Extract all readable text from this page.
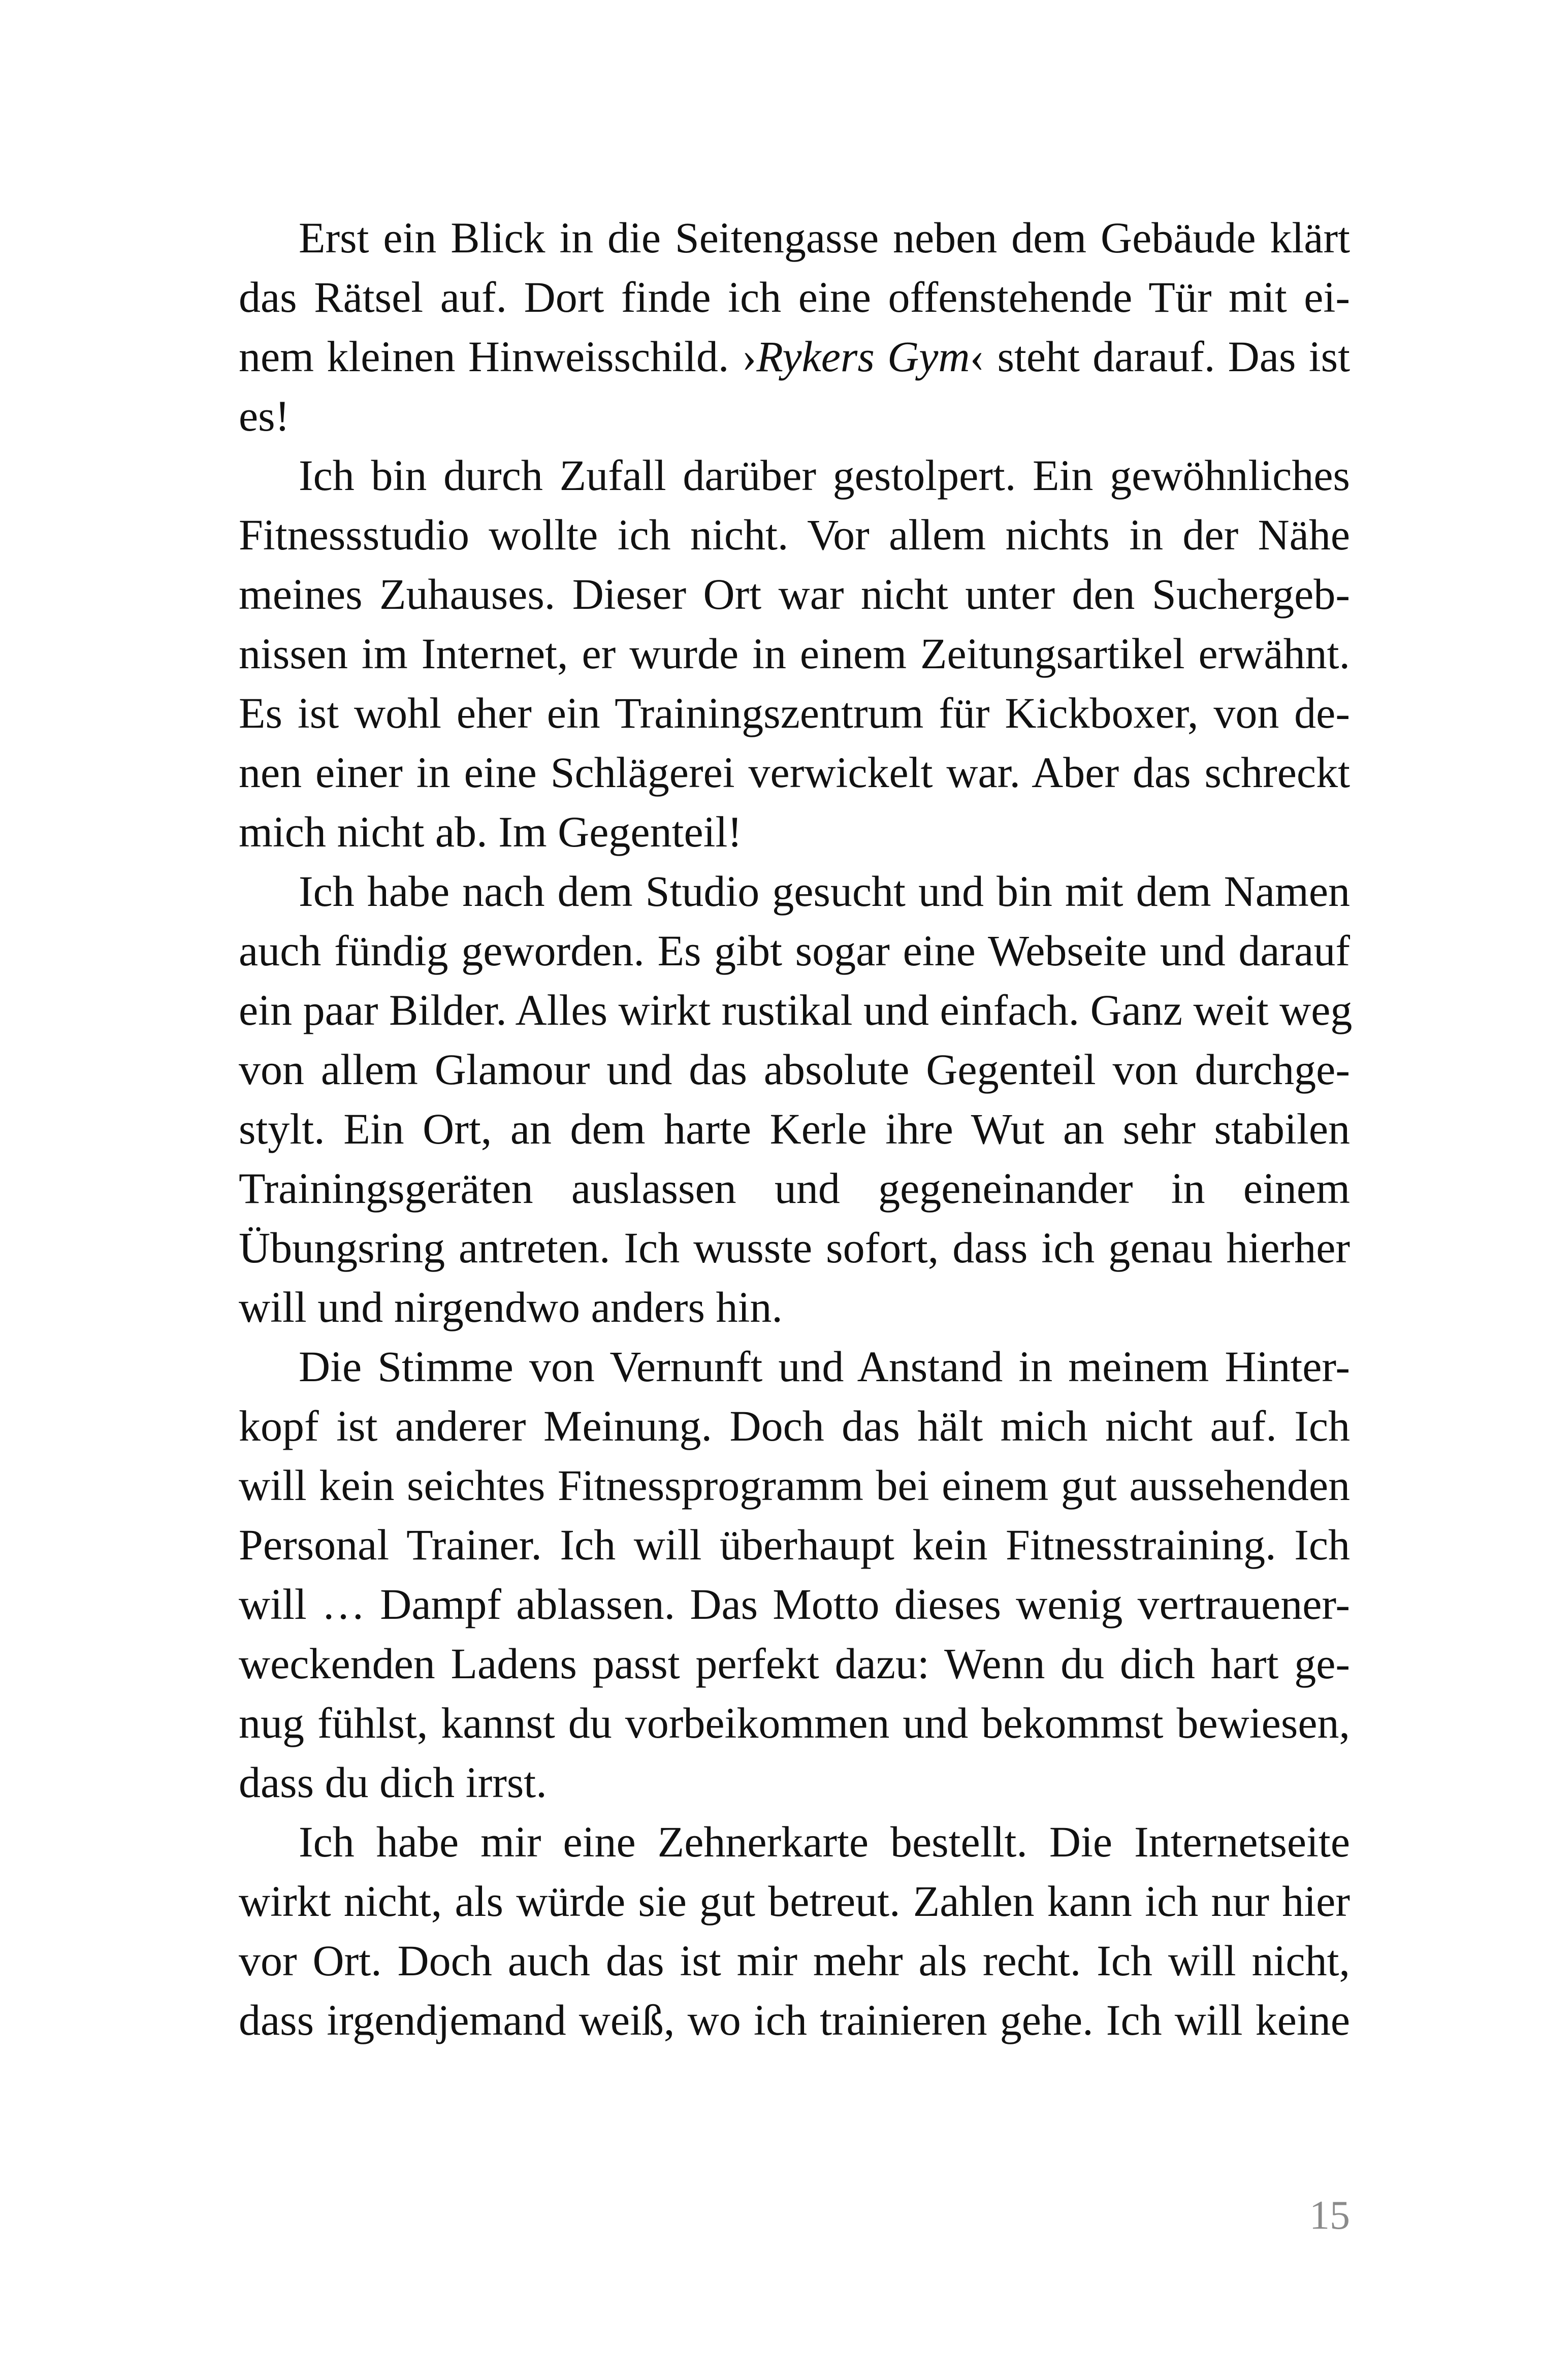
Erst ein Blick in die Seitengasse neben dem Gebäude klärt
das Rätsel auf. Dort finde ich eine offenstehende Tür mit ei-
nem kleinen Hinweisschild. ›Rykers Gym‹ steht darauf. Das ist
es!

Ich bin durch Zufall darüber gestolpert. Ein gewöhnliches
Fitnessstudio wollte ich nicht. Vor allem nichts in der Nähe
meines Zuhauses. Dieser Ort war nicht unter den Suchergeb-
nissen im Internet, er wurde in einem Zeitungsartikel erwähnt.
Es ist wohl eher ein Trainingszentrum für Kickboxer, von de-
nen einer in eine Schlägerei verwickelt war. Aber das schreckt
mich nicht ab. Im Gegenteil!

Ich habe nach dem Studio gesucht und bin mit dem Namen
auch fündig geworden. Es gibt sogar eine Webseite und darauf
ein paar Bilder. Alles wirkt rustikal und einfach. Ganz weit weg
von allem Glamour und das absolute Gegenteil von durchge-
stylt. Ein Ort, an dem harte Kerle ihre Wut an sehr stabilen
Trainingsgeräten auslassen und gegeneinander in einem
Übungsring antreten. Ich wusste sofort, dass ich genau hierher
will und nirgendwo anders hin.

Die Stimme von Vernunft und Anstand in meinem Hinter-
kopf ist anderer Meinung. Doch das hält mich nicht auf. Ich
will kein seichtes Fitnessprogramm bei einem gut aussehenden
Personal Trainer. Ich will überhaupt kein Fitnesstraining. Ich
will … Dampf ablassen. Das Motto dieses wenig vertrauener-
weckenden Ladens passt perfekt dazu: Wenn du dich hart ge-
nug fühlst, kannst du vorbeikommen und bekommst bewiesen,
dass du dich irrst.

Ich habe mir eine Zehnerkarte bestellt. Die Internetseite
wirkt nicht, als würde sie gut betreut. Zahlen kann ich nur hier
vor Ort. Doch auch das ist mir mehr als recht. Ich will nicht,
dass irgendjemand weiß, wo ich trainieren gehe. Ich will keine

15
